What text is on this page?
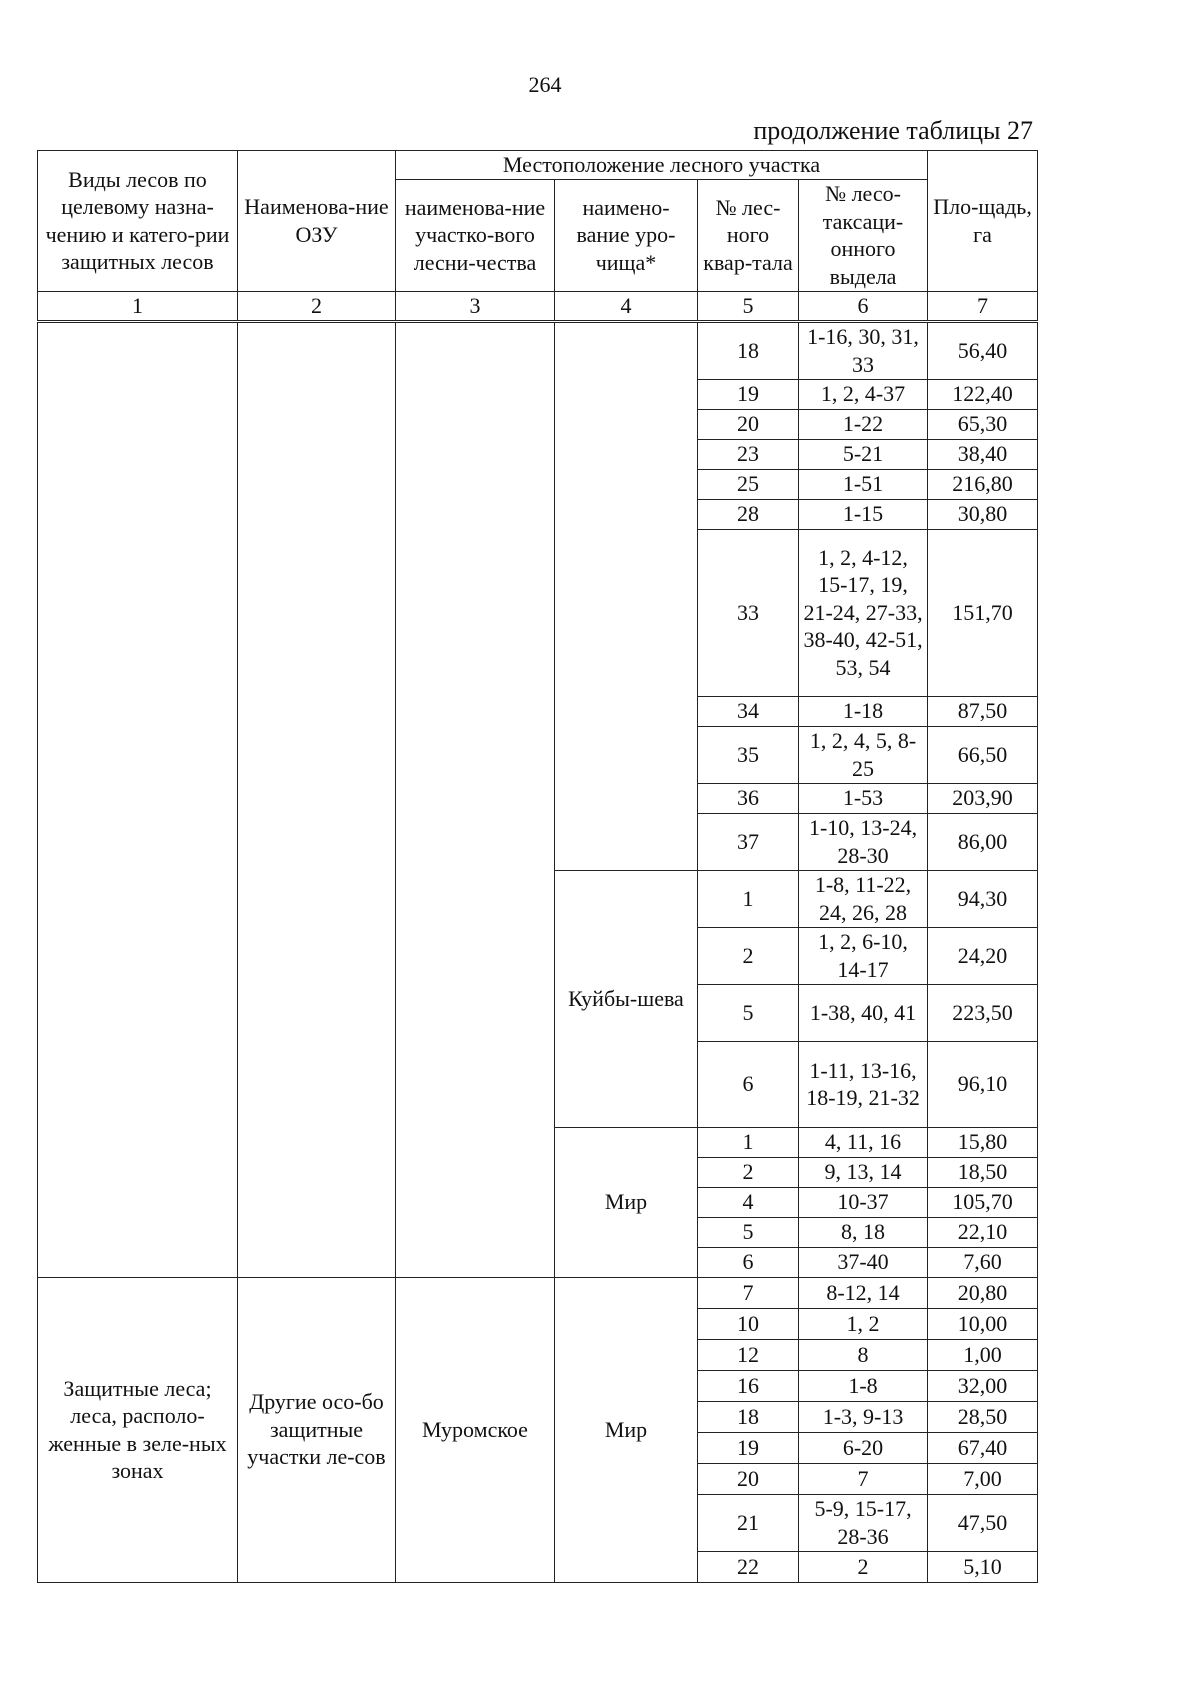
264
продолжение таблицы 27
Виды лесов по целевому назна-чению и катего-рии защитных лесов	Наименова-ние ОЗУ	Местоположение лесного участка				Пло-щадь, га
		наименова-ние участко-вого лесни-чества	наимено-вание уро-чища*	№ лес-ного квар-тала	№ лесо-таксаци-онного выдела	
1	2	3	4	5	6	7
				18	1-16, 30, 31, 33	56,40
				19	1, 2, 4-37	122,40
				20	1-22	65,30
				23	5-21	38,40
				25	1-51	216,80
				28	1-15	30,80
				33	1, 2, 4-12, 15-17, 19, 21-24, 27-33, 38-40, 42-51, 53, 54	151,70
				34	1-18	87,50
				35	1, 2, 4, 5, 8-25	66,50
				36	1-53	203,90
				37	1-10, 13-24, 28-30	86,00
			Куйбы-шева	1	1-8, 11-22, 24, 26, 28	94,30
				2	1, 2, 6-10, 14-17	24,20
				5	1-38, 40, 41	223,50
				6	1-11, 13-16, 18-19, 21-32	96,10
			Мир	1	4, 11, 16	15,80
				2	9, 13, 14	18,50
				4	10-37	105,70
				5	8, 18	22,10
				6	37-40	7,60
Защитные леса; леса, располо-женные в зеле-ных зонах	Другие осо-бо защитные участки ле-сов	Муромское	Мир	7	8-12, 14	20,80
				10	1, 2	10,00
				12	8	1,00
				16	1-8	32,00
				18	1-3, 9-13	28,50
				19	6-20	67,40
				20	7	7,00
				21	5-9, 15-17, 28-36	47,50
				22	2	5,10
